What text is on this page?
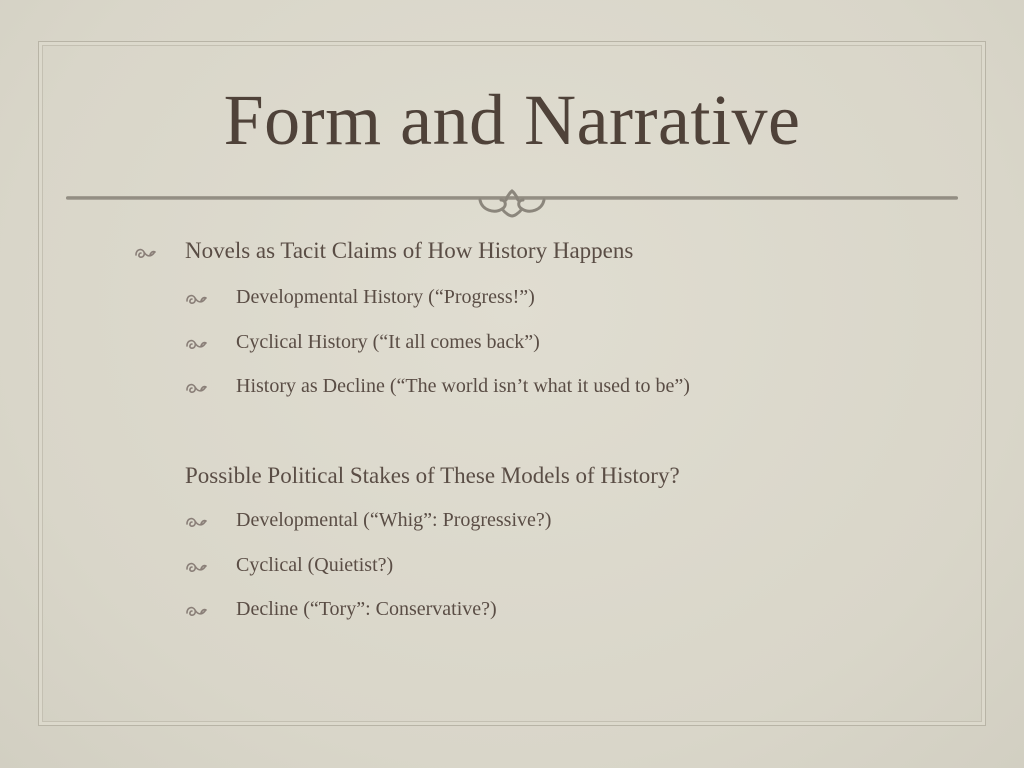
Form and Narrative
Novels as Tacit Claims of How History Happens
Developmental History (“Progress!”)
Cyclical History (“It all comes back”)
History as Decline (“The world isn’t what it used to be”)
Possible Political Stakes of These Models of History?
Developmental (“Whig”: Progressive?)
Cyclical (Quietist?)
Decline (“Tory”: Conservative?)
